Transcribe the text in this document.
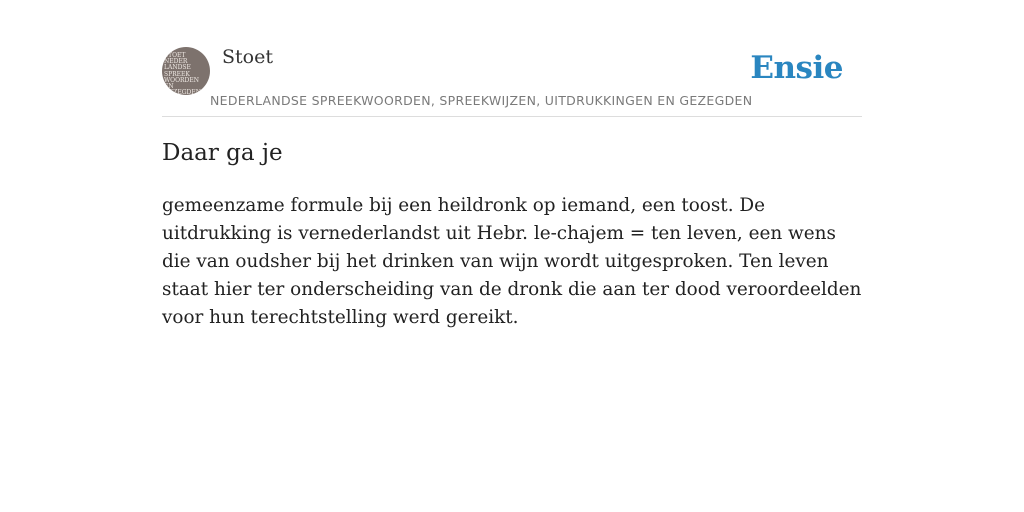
STOET
NEDER
LANDSE
SPREEK
WOORDEN EN
GEZEGDEN
Stoet
NEDERLANDSE SPREEKWOORDEN, SPREEKWIJZEN, UITDRUKKINGEN EN GEZEGDEN
Ensie
Daar ga je

gemeenzame formule bij een heildronk op iemand, een toost. De uitdrukking is vernederlandst uit Hebr. le-chajem = ten leven, een wens die van oudsher bij het drinken van wijn wordt uitgesproken. Ten leven staat hier ter onderscheiding van de dronk die aan ter dood veroordeelden voor hun terechtstelling werd gereikt.
